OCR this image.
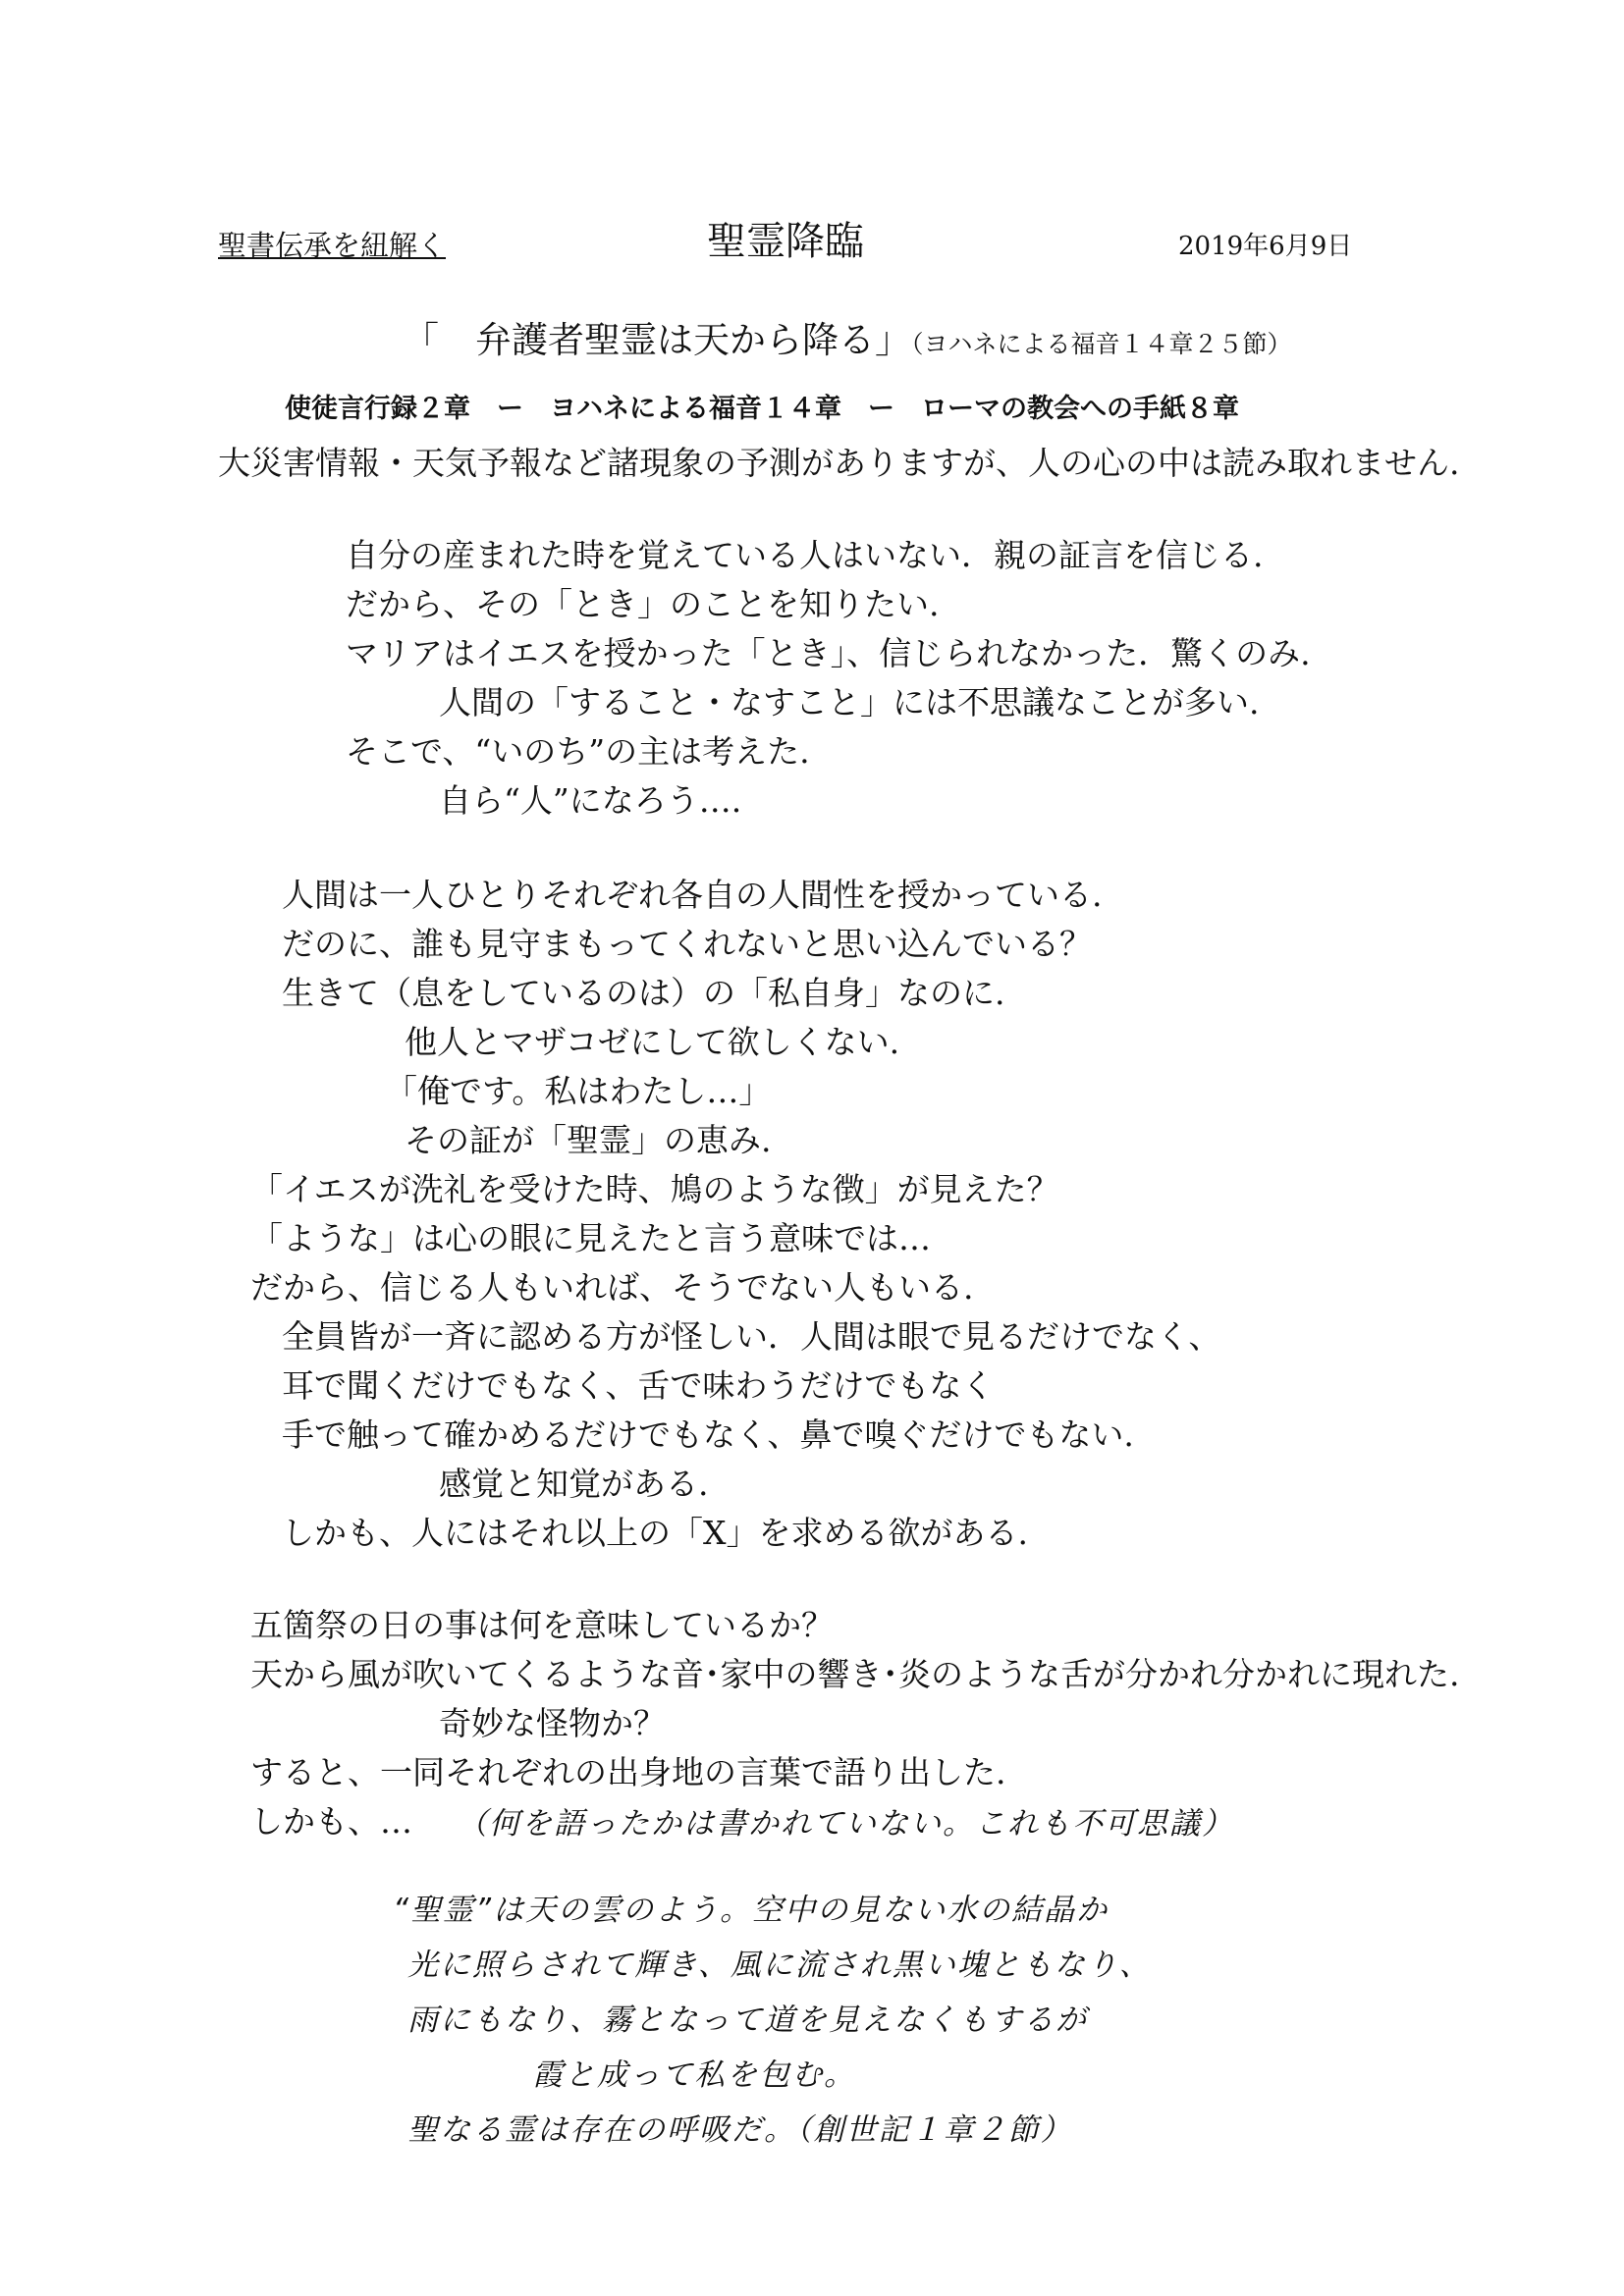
聖書伝承を紐解く	聖霊降臨	2019年6月9日
「　弁護者聖霊は天から降る」（ヨハネによる福音１４章２５節）
使徒言行録２章　ー　ヨハネによる福音１４章　ー　ローマの教会への手紙８章
大災害情報・天気予報など諸現象の予測がありますが、人の心の中は読み取れません.
自分の産まれた時を覚えている人はいない．親の証言を信じる.
だから、その「とき」のことを知りたい.
マリアはイエスを授かった「とき」、信じられなかった．驚くのみ.
人間の「すること・なすこと」には不思議なことが多い.
そこで、“いのち”の主は考えた.
自ら“人”になろう….
人間は一人ひとりそれぞれ各自の人間性を授かっている.
だのに、誰も見守まもってくれないと思い込んでいる？
生きて（息をしているのは）の「私自身」なのに.
他人とマザコゼにして欲しくない.
「俺です。私はわたし…」
その証が「聖霊」の恵み.
「イエスが洗礼を受けた時、鳩のような徴」が見えた？
「ような」は心の眼に見えたと言う意味では…
だから、信じる人もいれば、そうでない人もいる.
全員皆が一斉に認める方が怪しい．人間は眼で見るだけでなく、
耳で聞くだけでもなく、舌で味わうだけでもなく
手で触って確かめるだけでもなく、鼻で嗅ぐだけでもない.
感覚と知覚がある.
しかも、人にはそれ以上の「X」を求める欲がある.
五箇祭の日の事は何を意味しているか？
天から風が吹いてくるような音･家中の響き･炎のような舌が分かれ分かれに現れた.
奇妙な怪物か？
すると、一同それぞれの出身地の言葉で語り出した.
しかも、… （何を語ったかは書かれていない。これも不可思議）
“聖霊”は天の雲のよう。空中の見ない水の結晶か
光に照らされて輝き、風に流され黒い塊ともなり、
雨にもなり、霧となって道を見えなくもするが
霞と成って私を包む。
聖なる霊は存在の呼吸だ。（創世記１章２節）
